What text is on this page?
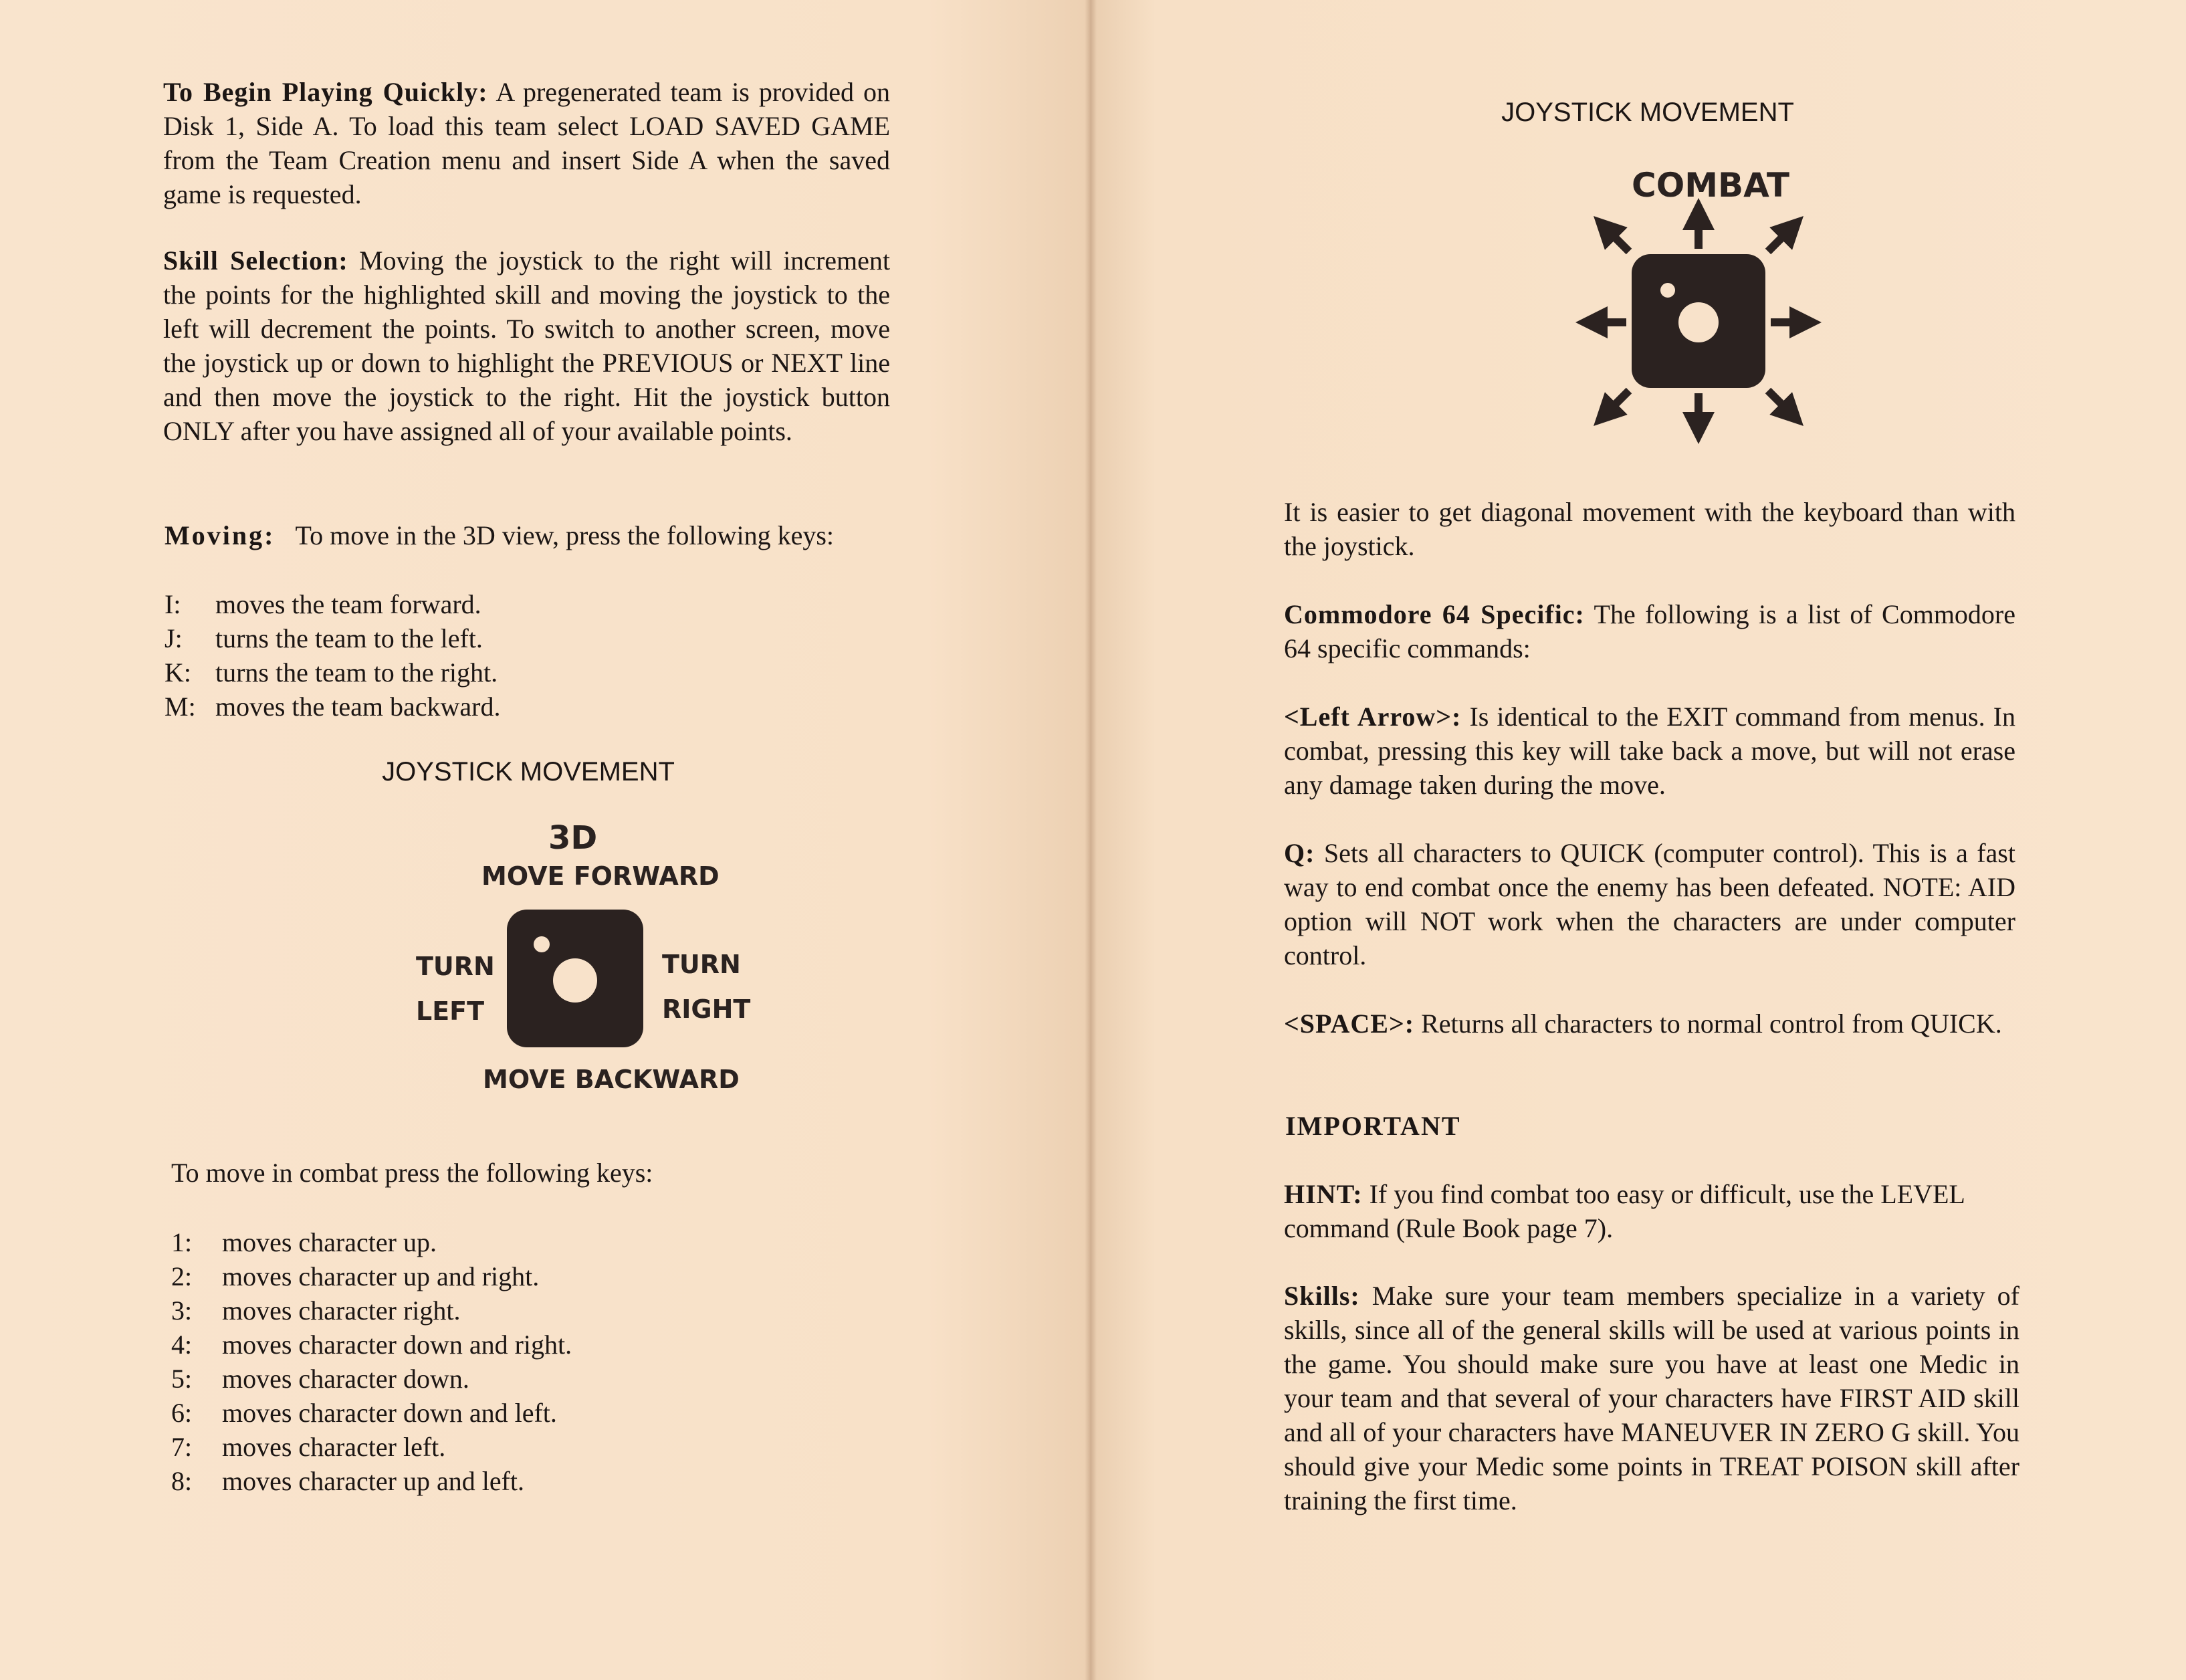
To Begin Playing Quickly: A pregenerated team is provided on Disk 1, Side A. To load this team select LOAD SAVED GAME from the Team Creation menu and insert Side A when the saved game is requested.

Skill Selection: Moving the joystick to the right will increment the points for the highlighted skill and moving the joystick to the left will decrement the points. To switch to another screen, move the joystick up or down to highlight the PREVIOUS or NEXT line and then move the joystick to the right. Hit the joystick button ONLY after you have assigned all of your available points.

Moving: To move in the 3D view, press the following keys:

I:	moves the team forward.
J:	turns the team to the left.
K: turns the team to the right.
M: moves the team backward.

JOYSTICK MOVEMENT

3D

MOVE FORWARD

TURN

LEFT

TURN

RIGHT

MOVE BACKWARD

To move in combat press the following keys:

1:	moves character up.
2:	moves character up and right.
3:	moves character right.
4:	moves character down and right.
5:	moves character down.
6:	moves character down and left.
7:	moves character left.
8:	moves character up and left.

JOYSTICK MOVEMENT

COMBAT

It is easier to get diagonal movement with the keyboard than with the joystick.

Commodore 64 Specific: The following is a list of Commodore 64 specific commands:

<Left Arrow>: Is identical to the EXIT command from menus. In combat, pressing this key will take back a move, but will not erase any damage taken during the move.

Q: Sets all characters to QUICK (computer control). This is a fast way to end combat once the enemy has been defeated. NOTE: AID option will NOT work when the characters are under computer control.

<SPACE>: Returns all characters to normal control from QUICK.

IMPORTANT

HINT: If you find combat too easy or difficult, use the LEVEL command (Rule Book page 7).

Skills: Make sure your team members specialize in a variety of skills, since all of the general skills will be used at various points in the game. You should make sure you have at least one Medic in your team and that several of your characters have FIRST AID skill and all of your characters have MANEUVER IN ZERO G skill. You should give your Medic some points in TREAT POISON skill after training the first time.
